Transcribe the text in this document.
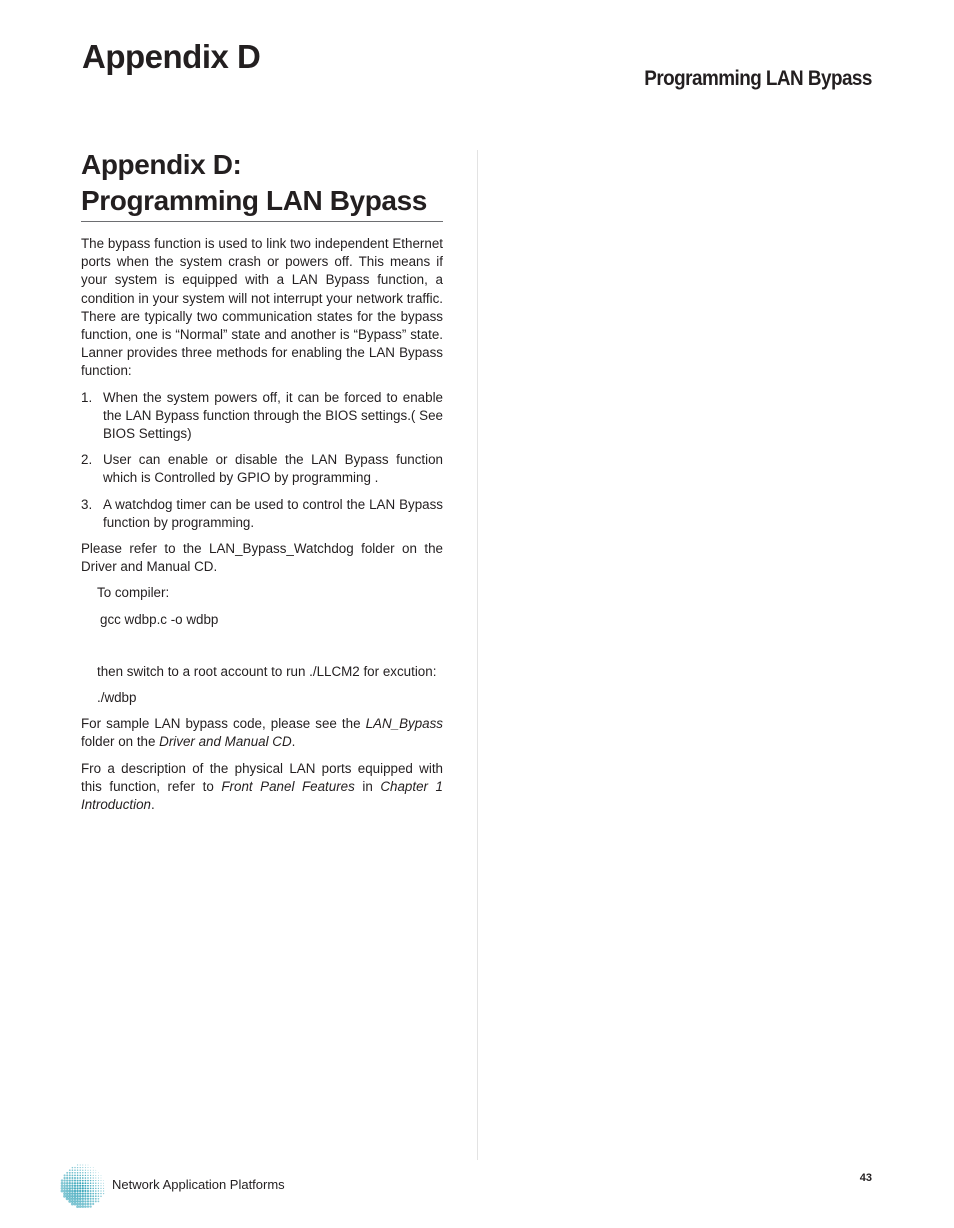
Appendix D
Programming LAN Bypass
Appendix D:
Programming LAN Bypass

The bypass function is used to link two independent Ethernet ports when the system crash or powers off. This means if your system is equipped with a LAN Bypass function, a condition in your system will not interrupt your network traffic. There are typically two communication states for the bypass function, one is “Normal” state and another is “Bypass” state. Lanner provides three methods for enabling the LAN Bypass function:

1. When the system powers off, it can be forced to enable the LAN Bypass function through the BIOS settings.( See BIOS Settings)

2. User can enable or disable the LAN Bypass function which is Controlled by GPIO by programming .

3. A watchdog timer can be used to control the LAN Bypass function by programming.

Please refer to the LAN_Bypass_Watchdog folder on the Driver and Manual CD.

To compiler:

gcc wdbp.c -o wdbp

then switch to a root account to run ./LLCM2 for excution:

./wdbp

For sample LAN bypass code, please see the LAN_Bypass folder on the Driver and Manual CD.

Fro a description of the physical LAN ports equipped with this function, refer to Front Panel Features in Chapter 1 Introduction.

Network Application Platforms	43
